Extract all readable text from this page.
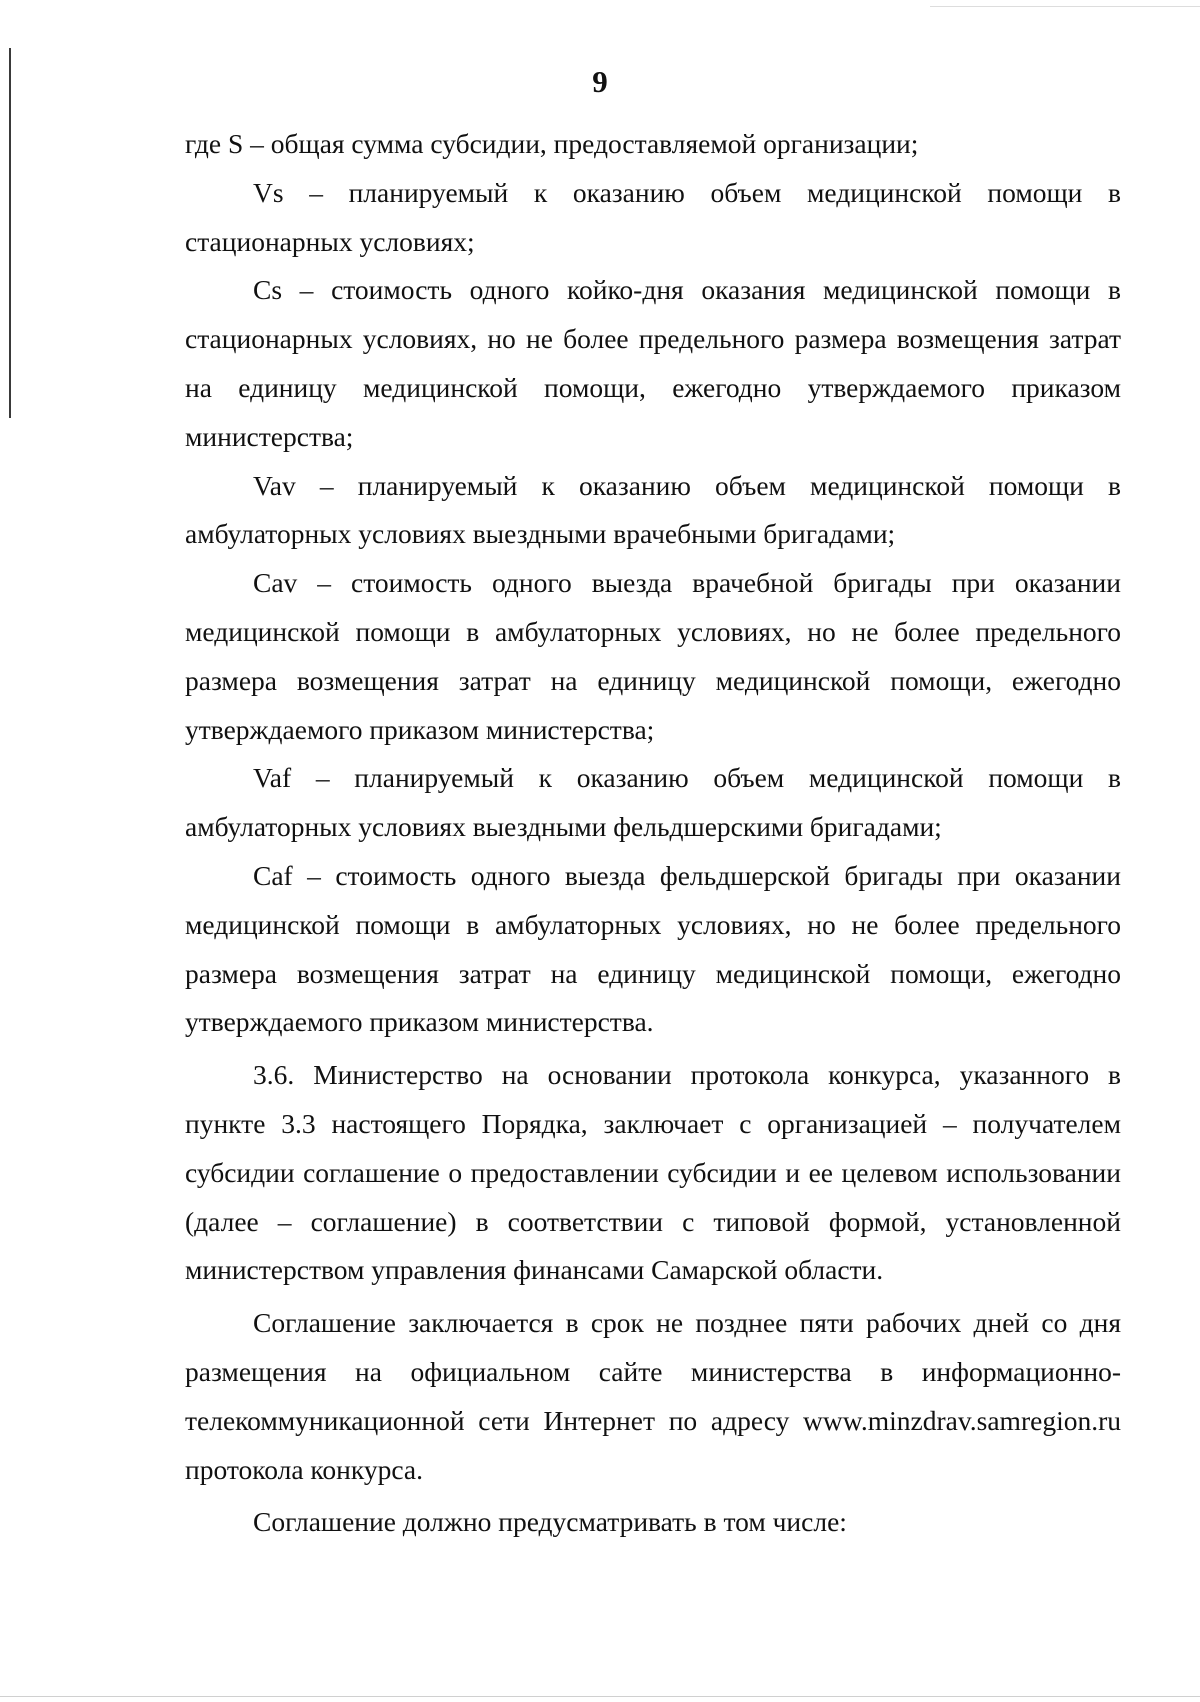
9

где S – общая сумма субсидии, предоставляемой организации;

Vs – планируемый к оказанию объем медицинской помощи в стационарных условиях;

Cs – стоимость одного койко-дня оказания медицинской помощи в стационарных условиях, но не более предельного размера возмещения затрат на единицу медицинской помощи, ежегодно утверждаемого приказом министерства;

Vav – планируемый к оказанию объем медицинской помощи в амбулаторных условиях выездными врачебными бригадами;

Cav – стоимость одного выезда врачебной бригады при оказании медицинской помощи в амбулаторных условиях, но не более предельного размера возмещения затрат на единицу медицинской помощи, ежегодно утверждаемого приказом министерства;

Vaf – планируемый к оказанию объем медицинской помощи в амбулаторных условиях выездными фельдшерскими бригадами;

Caf – стоимость одного выезда фельдшерской бригады при оказании медицинской помощи в амбулаторных условиях, но не более предельного размера возмещения затрат на единицу медицинской помощи, ежегодно утверждаемого приказом министерства.

3.6. Министерство на основании протокола конкурса, указанного в пункте 3.3 настоящего Порядка, заключает с организацией – получателем субсидии соглашение о предоставлении субсидии и ее целевом использовании (далее – соглашение) в соответствии с типовой формой, установленной министерством управления финансами Самарской области.

Соглашение заключается в срок не позднее пяти рабочих дней со дня размещения на официальном сайте министерства в информационно-телекоммуникационной сети Интернет по адресу www.minzdrav.samregion.ru протокола конкурса.

Соглашение должно предусматривать в том числе:
